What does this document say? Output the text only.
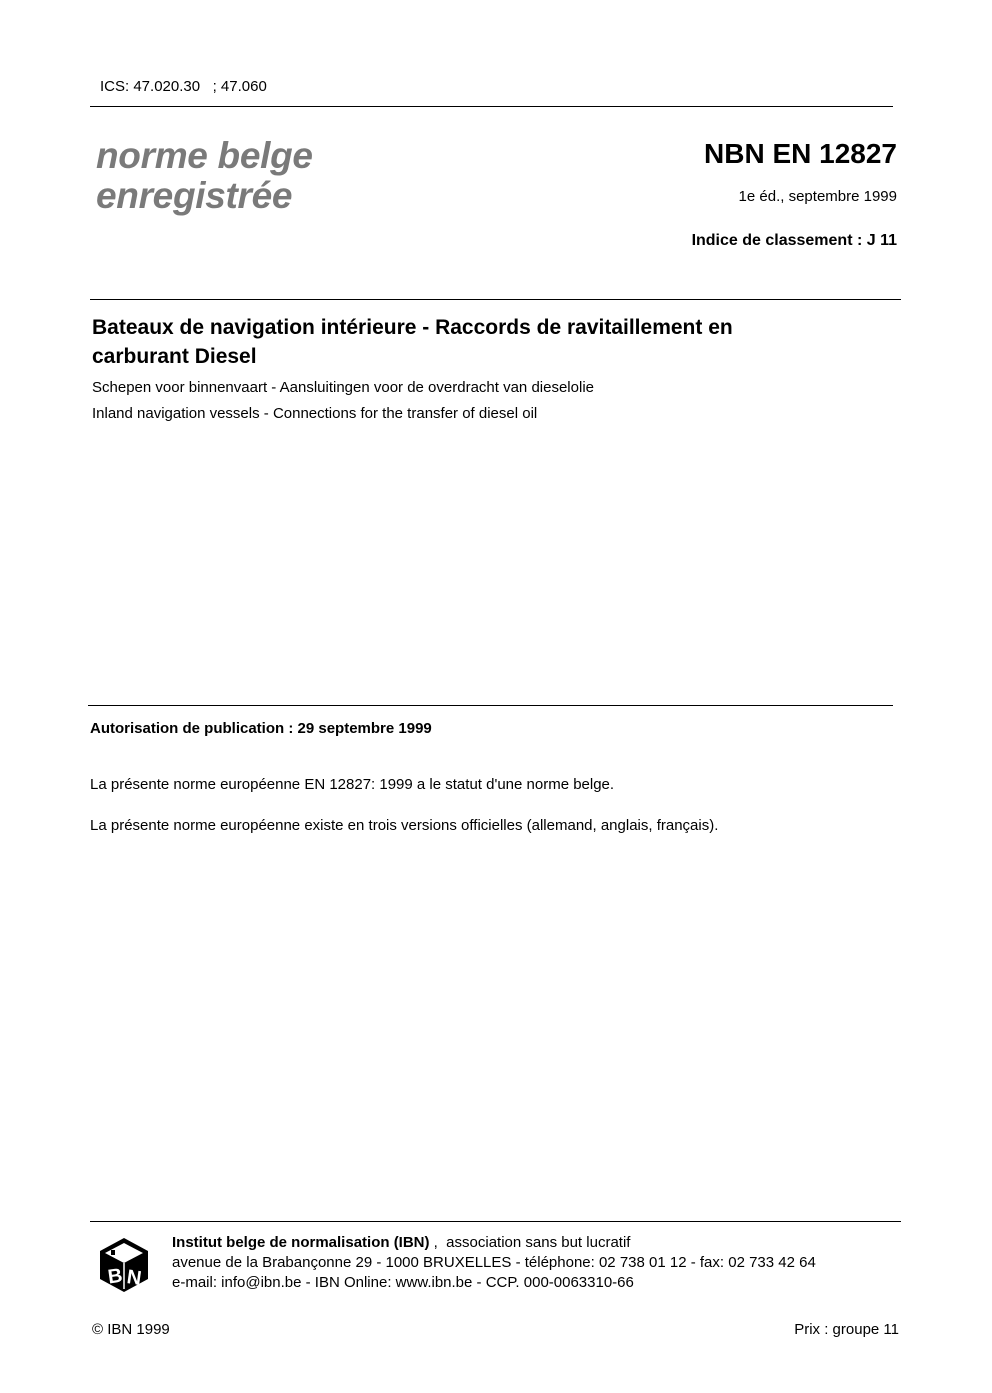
ICS: 47.020.30   ; 47.060
norme belge
enregistrée
NBN EN 12827
1e éd., septembre 1999
Indice de classement : J 11
Bateaux de navigation intérieure - Raccords de ravitaillement en
carburant Diesel
Schepen voor binnenvaart - Aansluitingen voor de overdracht van dieselolie
Inland navigation vessels - Connections for the transfer of diesel oil
Autorisation de publication : 29 septembre 1999
La présente norme européenne EN 12827: 1999 a le statut d'une norme belge.
La présente norme européenne existe en trois versions officielles (allemand, anglais, français).
B N
Institut belge de normalisation (IBN) ,  association sans but lucratif
avenue de la Brabançonne 29 - 1000 BRUXELLES - téléphone: 02 738 01 12 - fax: 02 733 42 64
e-mail: info@ibn.be - IBN Online: www.ibn.be - CCP. 000-0063310-66
© IBN 1999	Prix : groupe 11
